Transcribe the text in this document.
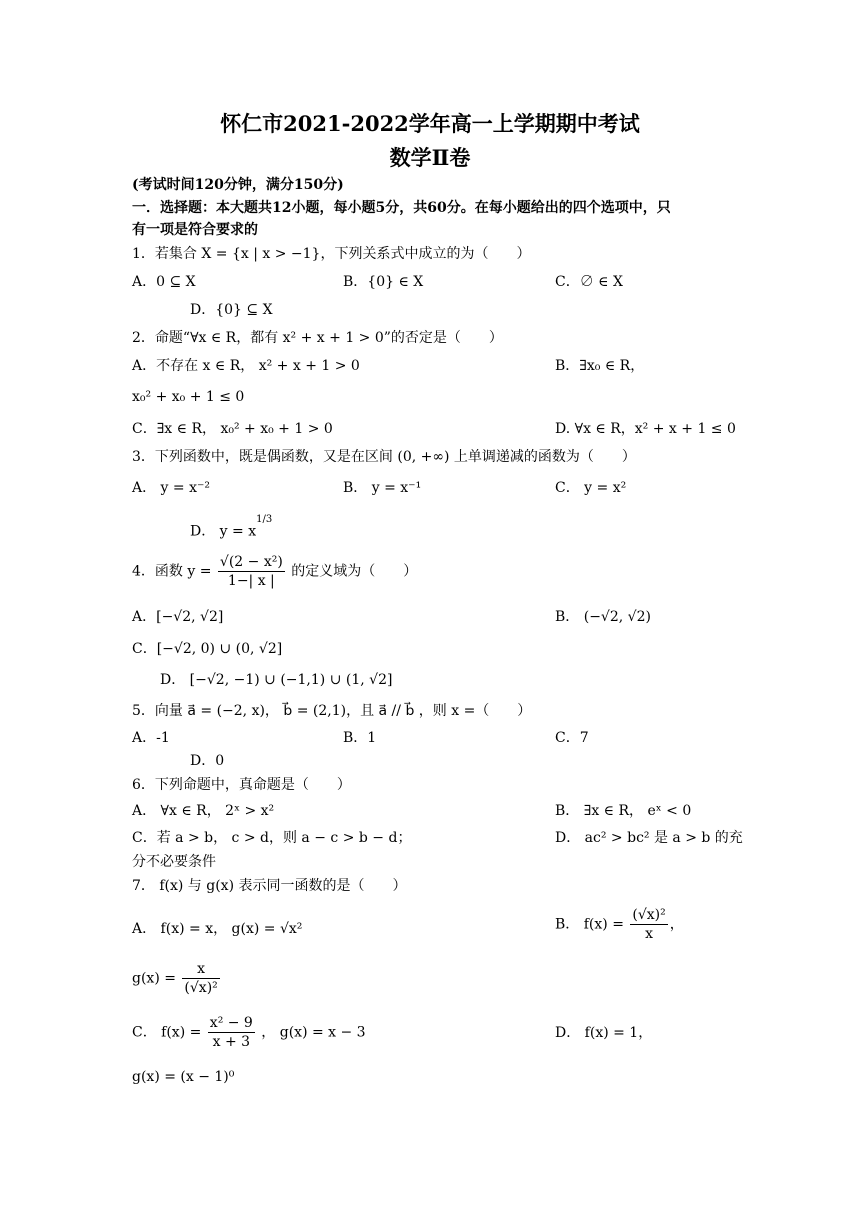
怀仁市2021-2022学年高一上学期期中考试
数学Ⅱ卷
(考试时间120分钟，满分150分)
一．选择题：本大题共12小题，每小题5分，共60分。在每小题给出的四个选项中，只
有一项是符合要求的
1．若集合 X = {x | x > −1}，下列关系式中成立的为（　　）
A．0 ⊆ X	B．{0} ∈ X	C．∅ ∈ X
D．{0} ⊆ X
2．命题“∀x ∈ R，都有 x² + x + 1 > 0”的否定是（　　）
A．不存在 x ∈ R， x² + x + 1 > 0	B．∃x₀ ∈ R，
x₀² + x₀ + 1 ≤ 0
C．∃x ∈ R， x₀² + x₀ + 1 > 0	D. ∀x ∈ R，x² + x + 1 ≤ 0
3．下列函数中，既是偶函数，又是在区间 (0, +∞) 上单调递减的函数为（　　）
A． y = x⁻²	B． y = x⁻¹	C． y = x²
D． $y = x^{1/3}$
4．函数 $y = \frac{\text{√(2 − x²)}}{1-| x |}$ 的定义域为（　　）
A．[−√2, √2]	B． (−√2, √2)
C．[−√2, 0) ∪ (0, √2]
D． [−√2, −1) ∪ (−1,1) ∪ (1, √2]
5．向量 a⃗ = (−2, x)， b⃗ = (2,1)，且 a⃗ // b⃗ ，则 x =（　　）
A．-1	B．1	C．7
D．0
6．下列命题中，真命题是（　　）
A． ∀x ∈ R， 2ˣ > x²	B． ∃x ∈ R， eˣ < 0
C．若 a > b， c > d，则 a − c > b − d；	D． ac² > bc² 是 a > b 的充
分不必要条件
7． f(x) 与 g(x) 表示同一函数的是（　　）
A． f(x) = x， g(x) = √x²	B． $f(x) = \frac{\text{(√x)²}}{x}$ ，
$g(x) = \frac{x}{\text{(√x)²}}$
C． $f(x) = \frac{\text{x² − 9}}{x + 3}$ ， g(x) = x − 3	D． f(x) = 1，
g(x) = (x − 1)⁰
